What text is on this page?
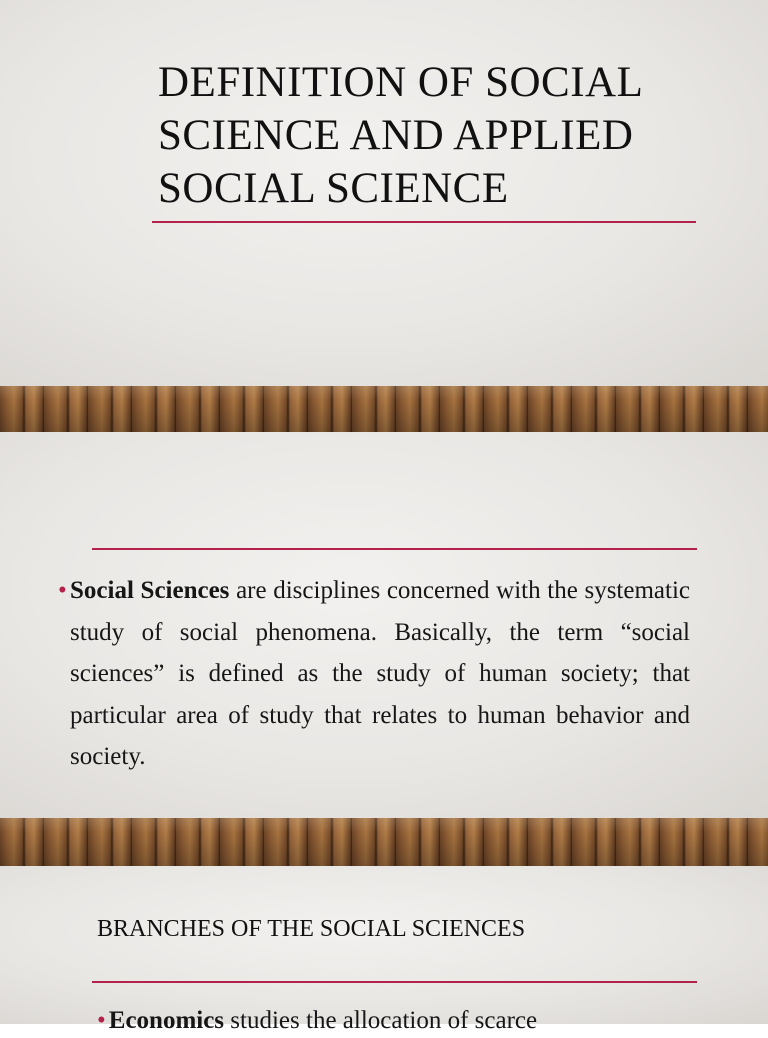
DEFINITION OF SOCIAL SCIENCE AND APPLIED SOCIAL SCIENCE
• Social Sciences are disciplines concerned with the systematic study of social phenomena. Basically, the term “social sciences” is defined as the study of human society; that particular area of study that relates to human behavior and society.

BRANCHES OF THE SOCIAL SCIENCES
• Economics studies the allocation of scarce
